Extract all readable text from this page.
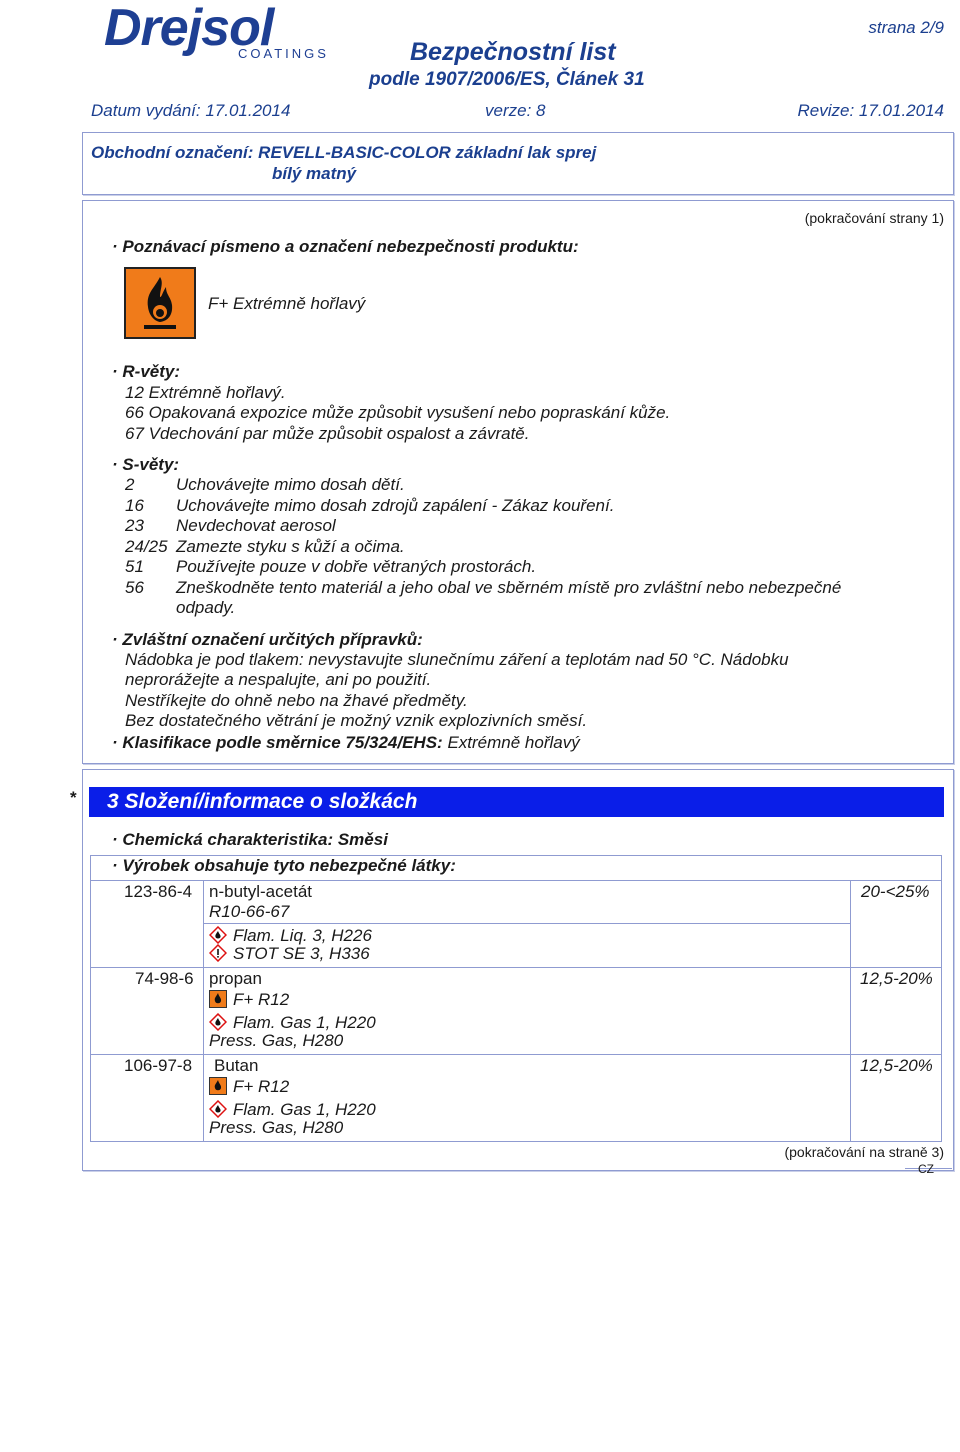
Drejsol
COATINGS
strana 2/9
Bezpečnostní list
podle 1907/2006/ES, Článek 31
Datum vydání: 17.01.2014	verze: 8	Revize: 17.01.2014
Obchodní označení: REVELL-BASIC-COLOR základní lak sprej
bílý matný
(pokračování strany 1)
· Poznávací písmeno a označení nebezpečnosti produktu:
F+ Extrémně hořlavý
· R-věty:
12 Extrémně hořlavý.
66 Opakovaná expozice může způsobit vysušení nebo popraskání kůže.
67 Vdechování par může způsobit ospalost a závratě.
· S-věty:
2 Uchovávejte mimo dosah dětí.
16 Uchovávejte mimo dosah zdrojů zapálení - Zákaz kouření.
23 Nevdechovat aerosol
24/25 Zamezte styku s kůží a očima.
51 Používejte pouze v dobře větraných prostorách.
56 Zneškodněte tento materiál a jeho obal ve sběrném místě pro zvláštní nebo nebezpečné
odpady.
· Zvláštní označení určitých přípravků:
Nádobka je pod tlakem: nevystavujte slunečnímu záření a teplotám nad 50 °C. Nádobku
neprorážejte a nespalujte, ani po použití.
Nestříkejte do ohně nebo na žhavé předměty.
Bez dostatečného větrání je možný vznik explozivních směsí.
· Klasifikace podle směrnice 75/324/EHS: Extrémně hořlavý
*	3 Složení/informace o složkách
· Chemická charakteristika: Směsi
· Výrobek obsahuje tyto nebezpečné látky:
123-86-4 n-butyl-acetát
R10-66-67
Flam. Liq. 3, H226
STOT SE 3, H336
20-<25%
74-98-6 propan
F+ R12
Flam. Gas 1, H220
Press. Gas, H280
12,5-20%
106-97-8 Butan
F+ R12
Flam. Gas 1, H220
Press. Gas, H280
12,5-20%
(pokračování na straně 3)
CZ
